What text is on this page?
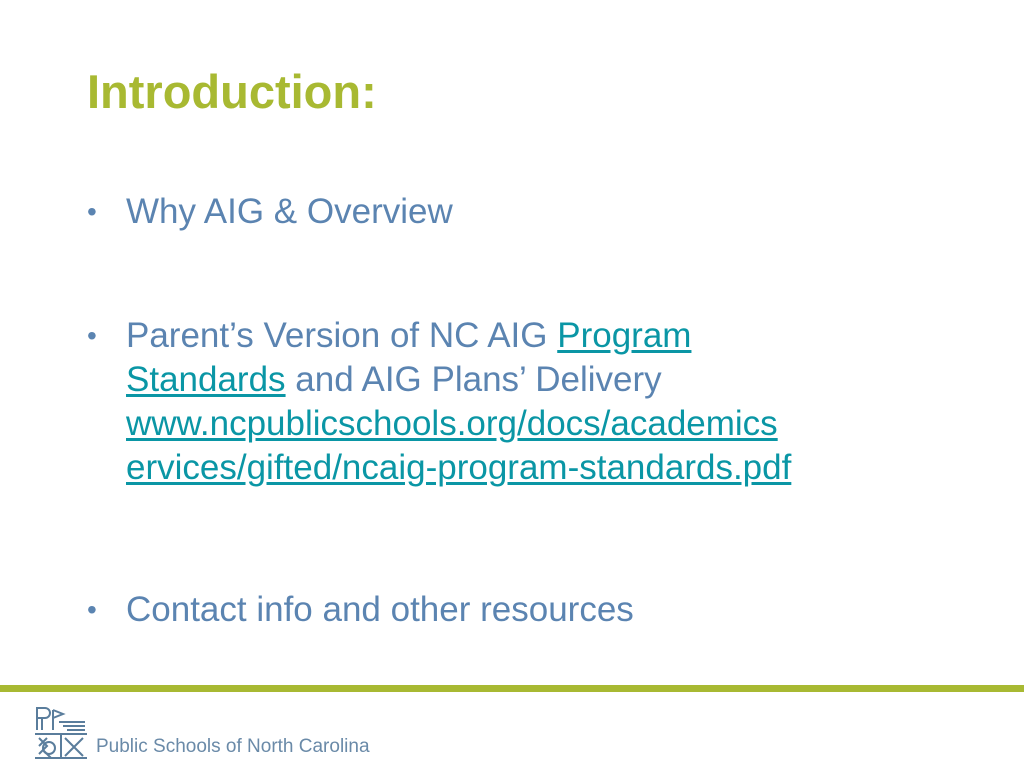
Introduction:
• Why AIG & Overview
• Parent’s Version of NC AIG Program
Standards and AIG Plans’ Delivery
www.ncpublicschools.org/docs/academics
ervices/gifted/ncaig-program-standards.pdf
• Contact info and other resources
Public Schools of North Carolina
